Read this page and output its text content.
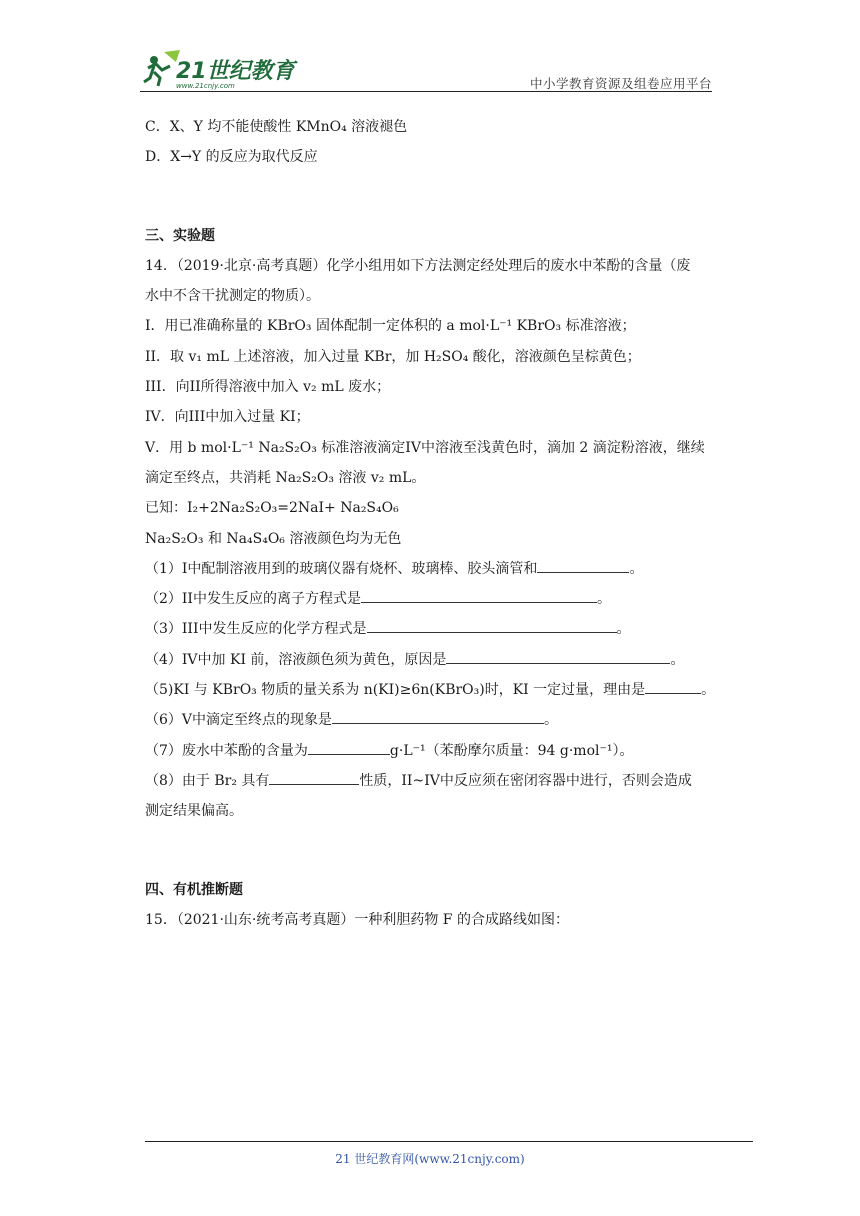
21世纪教育
www.21cnjy.com	中小学教育资源及组卷应用平台
C．X、Y 均不能使酸性 KMnO₄ 溶液褪色
D．X→Y 的反应为取代反应
三、实验题
14．（2019·北京·高考真题）化学小组用如下方法测定经处理后的废水中苯酚的含量（废
水中不含干扰测定的物质）。
I．用已准确称量的 KBrO₃ 固体配制一定体积的 a mol·L⁻¹ KBrO₃ 标准溶液；
II．取 v₁ mL 上述溶液，加入过量 KBr，加 H₂SO₄ 酸化，溶液颜色呈棕黄色；
III．向II所得溶液中加入 v₂ mL 废水；
IV．向III中加入过量 KI；
V．用 b mol·L⁻¹ Na₂S₂O₃ 标准溶液滴定IV中溶液至浅黄色时，滴加 2 滴淀粉溶液，继续
滴定至终点，共消耗 Na₂S₂O₃ 溶液 v₂ mL。
已知：I₂+2Na₂S₂O₃=2NaI+ Na₂S₄O₆
Na₂S₂O₃ 和 Na₄S₄O₆ 溶液颜色均为无色
（1）I中配制溶液用到的玻璃仪器有烧杯、玻璃棒、胶头滴管和	。
（2）II中发生反应的离子方程式是	。
（3）III中发生反应的化学方程式是	。
（4）IV中加 KI 前，溶液颜色须为黄色，原因是	。
（5)KI 与 KBrO₃ 物质的量关系为 n(KI)≥6n(KBrO₃)时，KI 一定过量，理由是	。
（6）V中滴定至终点的现象是	。
（7）废水中苯酚的含量为	g·L⁻¹（苯酚摩尔质量：94 g·mol⁻¹）。
（8）由于 Br₂ 具有	性质，II~IV中反应须在密闭容器中进行，否则会造成
测定结果偏高。
四、有机推断题
15．（2021·山东·统考高考真题）一种利胆药物 F 的合成路线如图：
21 世纪教育网(www.21cnjy.com)
